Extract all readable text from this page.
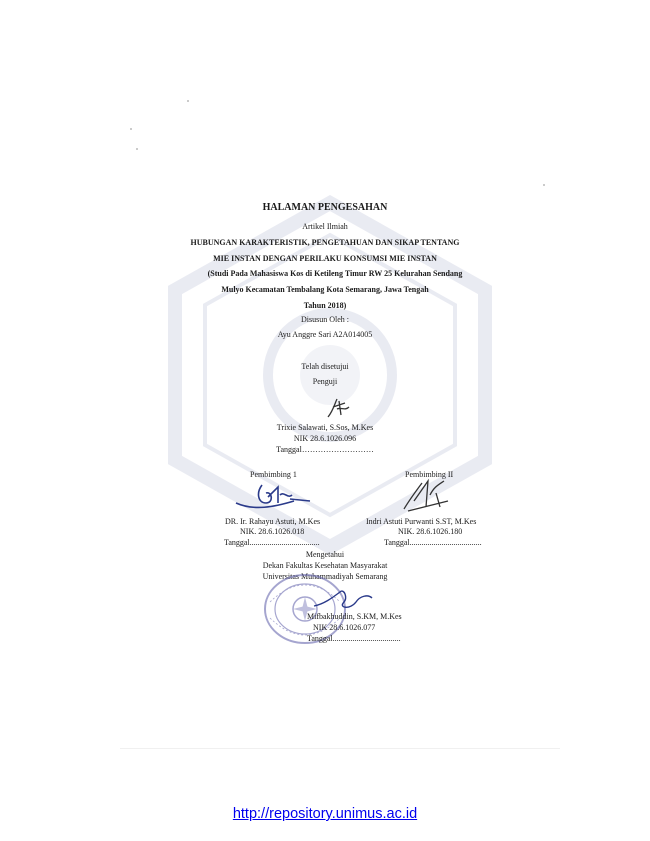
HALAMAN PENGESAHAN
Artikel Ilmiah
HUBUNGAN KARAKTERISTIK, PENGETAHUAN DAN SIKAP TENTANG
MIE INSTAN DENGAN PERILAKU KONSUMSI MIE INSTAN
(Studi Pada Mahasiswa Kos di Ketileng Timur RW 25 Kelurahan Sendang
Mulyo Kecamatan Tembalang Kota Semarang, Jawa Tengah
Tahun 2018)
Disusun Oleh :
Ayu Anggre Sari A2A014005
Telah disetujui
Penguji
Trixie Salawati, S.Sos, M.Kes
NIK 28.6.1026.096
Tanggal………………………
Pembimbing 1	Pembimbing II
DR. Ir. Rahayu Astuti, M.Kes
NIK. 28.6.1026.018
Tanggal...................................
Indri Astuti Purwanti S.ST, M.Kes
NIK. 28.6.1026.180
Tanggal....................................
Mengetahui
Dekan Fakultas Kesehatan Masyarakat
Universitas Muhammadiyah Semarang
Mifbakhuddin, S.KM, M.Kes
NIK 28.6.1026.077
Tanggal..................................
http://repository.unimus.ac.id
